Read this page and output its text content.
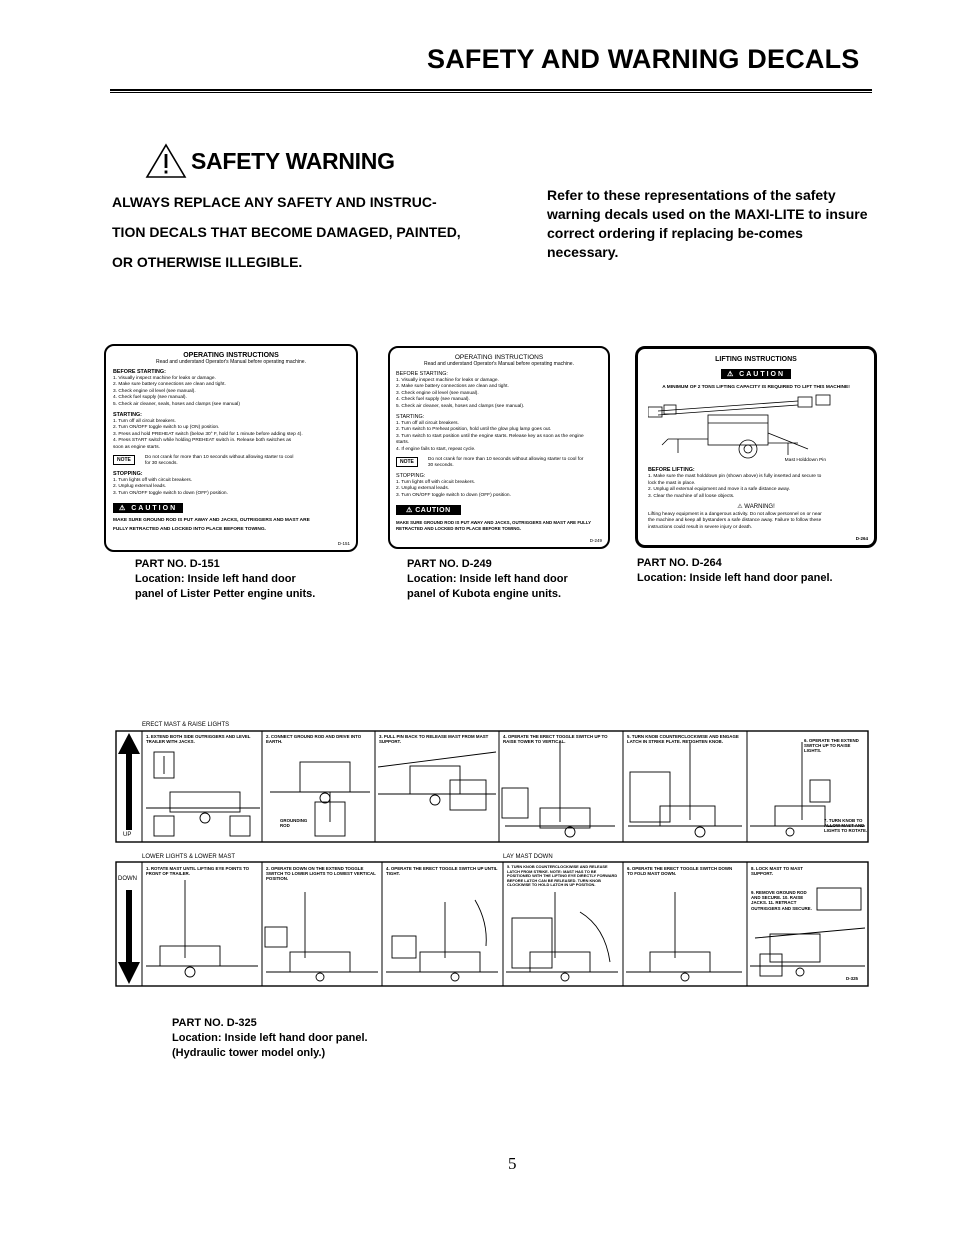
SAFETY AND WARNING DECALS
SAFETY WARNING
ALWAYS REPLACE ANY SAFETY AND INSTRUC-
TION DECALS THAT BECOME DAMAGED, PAINTED,
OR OTHERWISE ILLEGIBLE.
Refer to these representations of the safety warning decals used on the MAXI-LITE to insure correct ordering if replacing be-comes necessary.
OPERATING INSTRUCTIONS
Read and understand Operator's Manual before operating machine.
BEFORE STARTING:
1. Visually inspect machine for leaks or damage.
2. Make sure battery connections are clean and tight.
3. Check engine oil level (see manual).
4. Check fuel supply (see manual).
5. Check air cleaner, seals, hoses and clamps (see manual)
STARTING:
1. Turn off all circuit breakers.
2. Turn ON/OFF toggle switch to up (ON) position.
3. Press and hold PREHEAT switch (below 30° F, hold for 1 minute before adding step 4).
4. Press START switch while holding PREHEAT switch in. Release both switches as
soon as engine starts.
NOTE	Do not crank for more than 10 seconds without allowing starter to cool
for 30 seconds.
STOPPING:
1. Turn lights off with circuit breakers.
2. Unplug external leads.
3. Turn ON/OFF toggle switch to down (OFF) position.
⚠ CAUTION
MAKE SURE GROUND ROD IS PUT AWAY AND JACKS, OUTRIGGERS AND MAST ARE
FULLY RETRACTED AND LOCKED INTO PLACE BEFORE TOWING.
D-151
OPERATING INSTRUCTIONS
Read and understand Operator's Manual before operating machine.
BEFORE STARTING:
1. Visually inspect machine for leaks or damage.
2. Make sure battery connections are clean and tight.
3. Check engine oil level (see manual).
4. Check fuel supply (see manual).
5. Check air cleaner, seals, hoses and clamps (see manual).
STARTING:
1. Turn off all circuit breakers.
2. Turn switch to Preheat position, hold until the glow plug lamp goes out.
3. Turn switch to start position until the engine starts. Release key as soon as the engine
starts.
4. If engine fails to start, repeat cycle.
NOTE	Do not crank for more than 10 seconds without allowing starter to cool for
30 seconds.
STOPPING:
1. Turn lights off with circuit breakers.
2. Unplug external leads.
3. Turn ON/OFF toggle switch to down (OFF) position.
⚠ CAUTION
MAKE SURE GROUND ROD IS PUT AWAY AND JACKS, OUTRIGGERS AND MAST ARE FULLY
RETRACTED AND LOCKED INTO PLACE BEFORE TOWING.
D-249
LIFTING INSTRUCTIONS
⚠ CAUTION
A MINIMUM OF 2 TONS LIFTING CAPACITY IS REQUIRED TO LIFT THIS MACHINE!
Mast Holddown Pin
BEFORE LIFTING:
1. Make sure the mast holddown pin (shown above) is fully inserted and secure to
lock the mast in place.
2. Unplug all external equipment and move it a safe distance away.
3. Clear the machine of all loose objects.
⚠ WARNING!
Lifting heavy equipment is a dangerous activity. Do not allow personnel on or near
the machine and keep all bystanders a safe distance away. Failure to follow these
instructions could result in severe injury or death.
D-264
PART NO. D-151
Location: Inside left hand door
panel of Lister Petter engine units.
PART NO. D-249
Location: Inside left hand door
panel of Kubota engine units.
PART NO. D-264
Location: Inside left hand door panel.
ERECT MAST & RAISE LIGHTS
LOWER LIGHTS & LOWER MAST	LAY MAST DOWN
UP
DOWN
GROUNDING ROD
1. EXTEND BOTH SIDE OUTRIGGERS AND LEVEL TRAILER WITH JACKS.
2. CONNECT GROUND ROD AND DRIVE INTO EARTH.
3. PULL PIN BACK TO RELEASE MAST FROM MAST SUPPORT.
4. OPERATE THE ERECT TOGGLE SWITCH UP TO RAISE TOWER TO VERTICAL.
5. TURN KNOB COUNTERCLOCKWISE AND ENGAGE LATCH IN STRIKE PLATE. RETIGHTEN KNOB.	6. OPERATE THE EXTEND SWITCH UP TO RAISE LIGHTS.
7. TURN KNOB TO ALLOW MAST AND LIGHTS TO ROTATE.
1. ROTATE MAST UNTIL LIFTING EYE POINTS TO FRONT OF TRAILER.
2. OPERATE DOWN ON THE EXTEND TOGGLE SWITCH TO LOWER LIGHTS TO LOWEST VERTICAL POSITION.
4. OPERATE THE ERECT TOGGLE SWITCH UP UNTIL TIGHT.
5. TURN KNOB COUNTERCLOCKWISE AND RELEASE LATCH FROM STRIKE. NOTE: MAST HAS TO BE POSITIONED WITH THE LIFTING EYE DIRECTLY FORWARD BEFORE LATCH CAN BE RELEASED. TURN KNOB CLOCKWISE TO HOLD LATCH IN UP POSITION.
6. OPERATE THE ERECT TOGGLE SWITCH DOWN TO FOLD MAST DOWN.
8. LOCK MAST TO MAST SUPPORT.
9. REMOVE GROUND ROD AND SECURE. 10. RAISE JACKS. 11. RETRACT OUTRIGGERS AND SECURE.
D-325
PART NO. D-325
Location: Inside left hand door panel.
(Hydraulic tower model only.)
5
